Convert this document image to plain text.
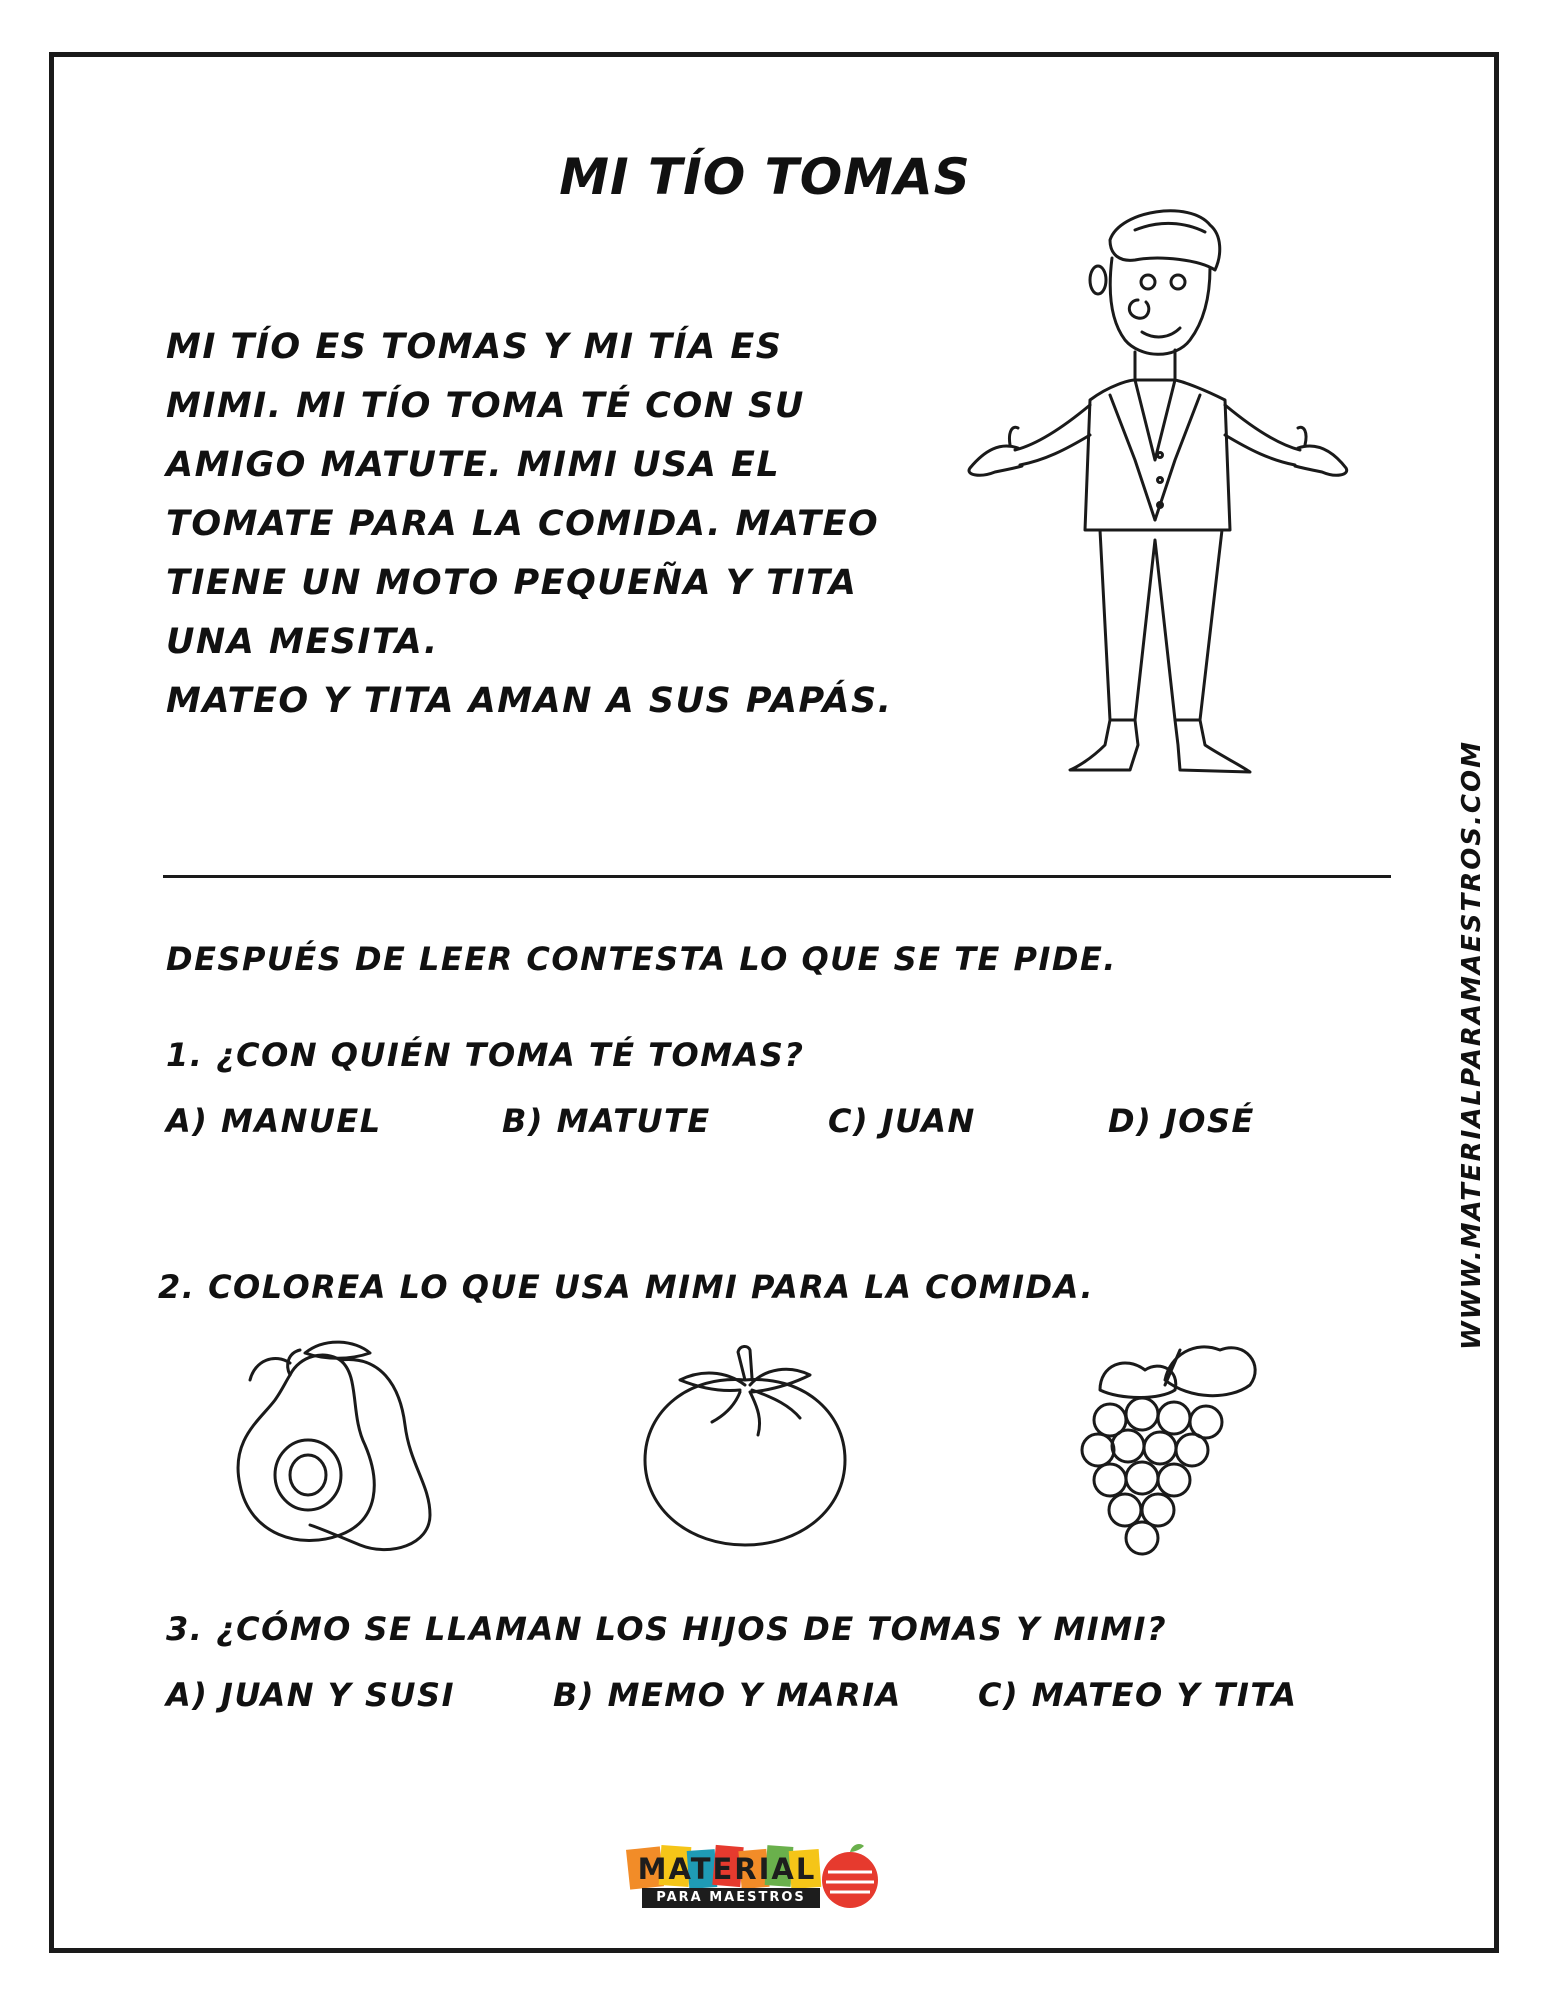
MI TÍO TOMAS
MI TÍO ES TOMAS Y MI TÍA ES
MIMI. MI TÍO TOMA TÉ CON SU
AMIGO MATUTE. MIMI USA EL
TOMATE PARA LA COMIDA. MATEO
TIENE UN MOTO PEQUEÑA Y TITA
UNA MESITA.
MATEO Y TITA AMAN A SUS PAPÁS.
DESPUÉS DE LEER CONTESTA LO QUE SE TE PIDE.
1. ¿CON QUIÉN TOMA TÉ TOMAS?
A) MANUEL	B) MATUTE	C) JUAN	D) JOSÉ
2. COLOREA LO QUE USA MIMI PARA LA COMIDA.
3. ¿CÓMO SE LLAMAN LOS HIJOS DE TOMAS Y MIMI?
A) JUAN Y SUSI	B) MEMO Y MARIA C) MATEO Y TITA
WWW.MATERIALPARAMAESTROS.COM
MATERIAL
PARA MAESTROS
